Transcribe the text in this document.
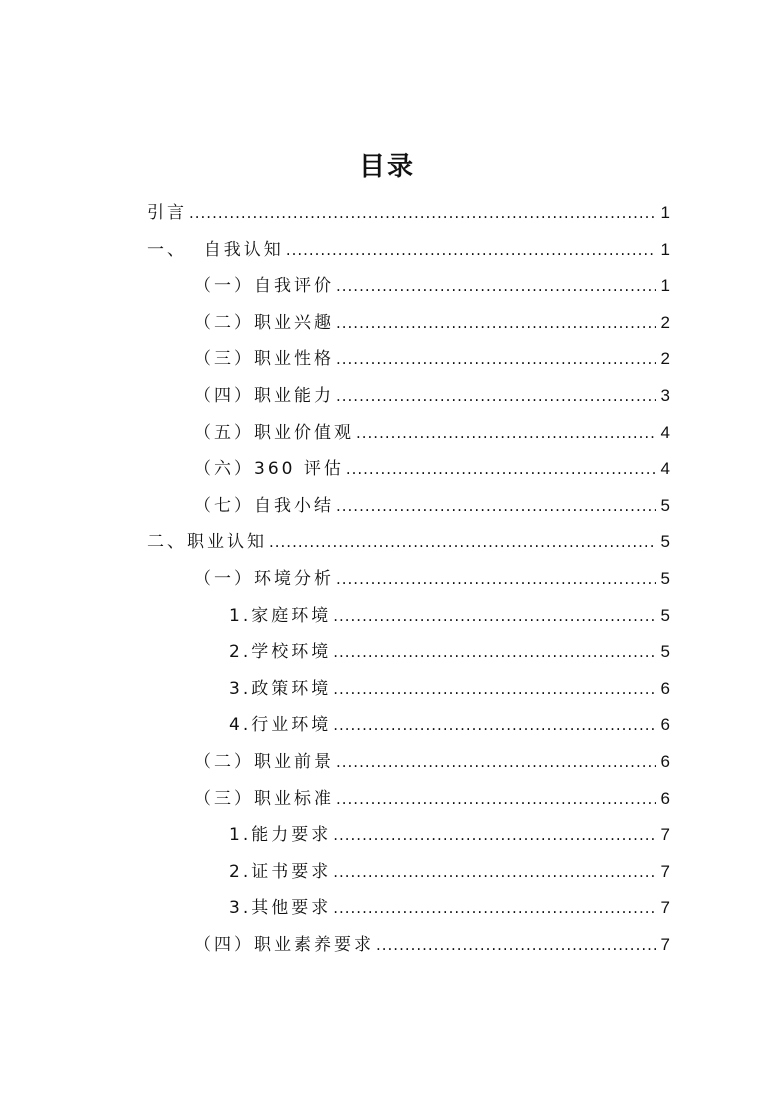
目录
引言 .....	1
一、  自我认知 .....	1
（一）自我评价 .....	1
（二）职业兴趣 .....	2
（三）职业性格 .....	2
（四）职业能力 .....	3
（五）职业价值观 .....	4
（六）360 评估 .....	4
（七）自我小结 .....	5
二、职业认知 .....	5
（一）环境分析 .....	5
1.家庭环境 .....	5
2.学校环境 .....	5
3.政策环境 .....	6
4.行业环境 .....	6
（二）职业前景 .....	6
（三）职业标准 .....	6
1.能力要求 .....	7
2.证书要求 .....	7
3.其他要求 .....	7
（四）职业素养要求 .....	7
